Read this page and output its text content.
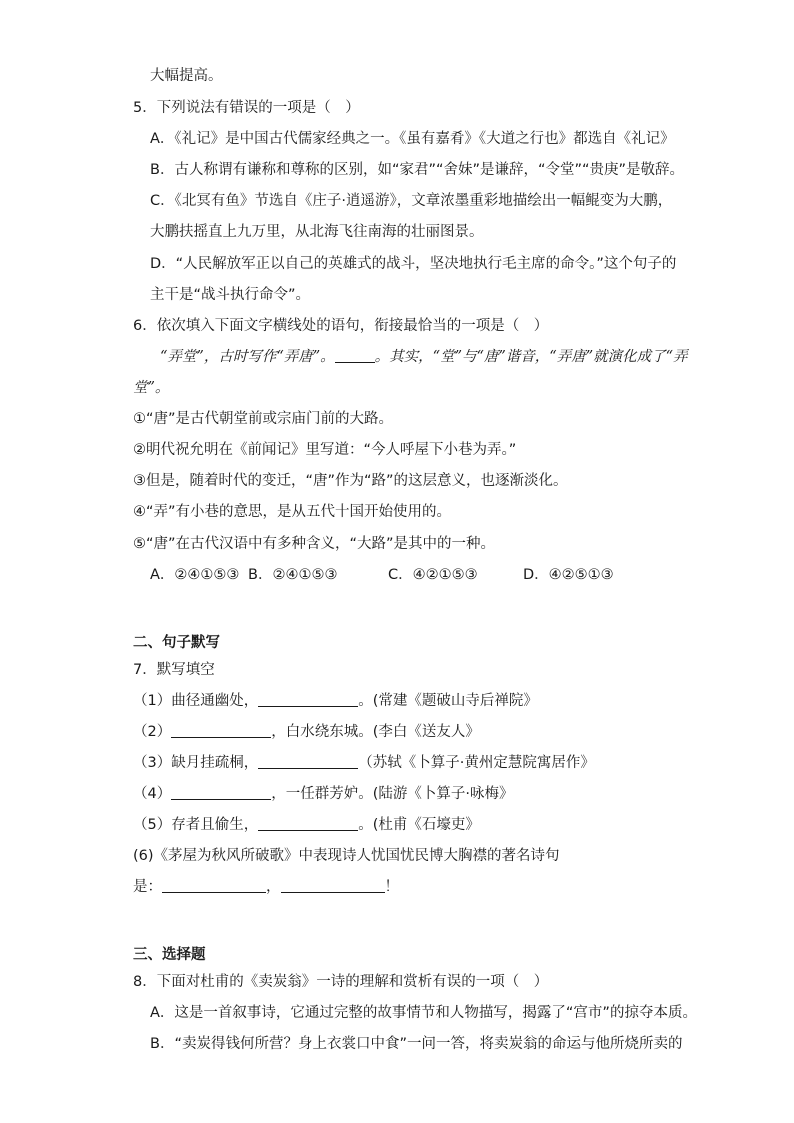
大幅提高。
5．下列说法有错误的一项是（　）
A．《礼记》是中国古代儒家经典之一。《虽有嘉肴》《大道之行也》都选自《礼记》
B．古人称谓有谦称和尊称的区别，如“家君”“舍妹”是谦辞，“令堂”“贵庚”是敬辞。
C．《北冥有鱼》节选自《庄子·逍遥游》，文章浓墨重彩地描绘出一幅鲲变为大鹏，
大鹏扶摇直上九万里，从北海飞往南海的壮丽图景。
D．“人民解放军正以自己的英雄式的战斗，坚决地执行毛主席的命令。”这个句子的
主干是“战斗执行命令”。
6．依次填入下面文字横线处的语句，衔接最恰当的一项是（　）
“弄堂”，古时写作“弄唐”。	。其实，“堂”与“唐”谐音，“弄唐”就演化成了“弄
堂”。
①“唐”是古代朝堂前或宗庙门前的大路。
②明代祝允明在《前闻记》里写道：“今人呼屋下小巷为弄。”
③但是，随着时代的变迁，“唐”作为“路”的这层意义，也逐渐淡化。
④“弄”有小巷的意思，是从五代十国开始使用的。
⑤“唐”在古代汉语中有多种含义，“大路”是其中的一种。
A．②④①⑤③ B．②④①⑤③	C．④②①⑤③	D．④②⑤①③
二、句子默写
7．默写填空
（1）曲径通幽处，	。(常建《题破山寺后禅院》
（2）	，白水绕东城。(李白《送友人》
（3）缺月挂疏桐，	（苏轼《卜算子·黄州定慧院寓居作》
（4）	，一任群芳妒。(陆游《卜算子·咏梅》
（5）存者且偷生，	。(杜甫《石壕吏》
(6)《茅屋为秋风所破歌》中表现诗人忧国忧民博大胸襟的著名诗句
是：	，	！
三、选择题
8．下面对杜甫的《卖炭翁》一诗的理解和赏析有误的一项（　）
A．这是一首叙事诗，它通过完整的故事情节和人物描写，揭露了“宫市”的掠夺本质。
B．“卖炭得钱何所营？身上衣裳口中食”一问一答，将卖炭翁的命运与他所烧所卖的
